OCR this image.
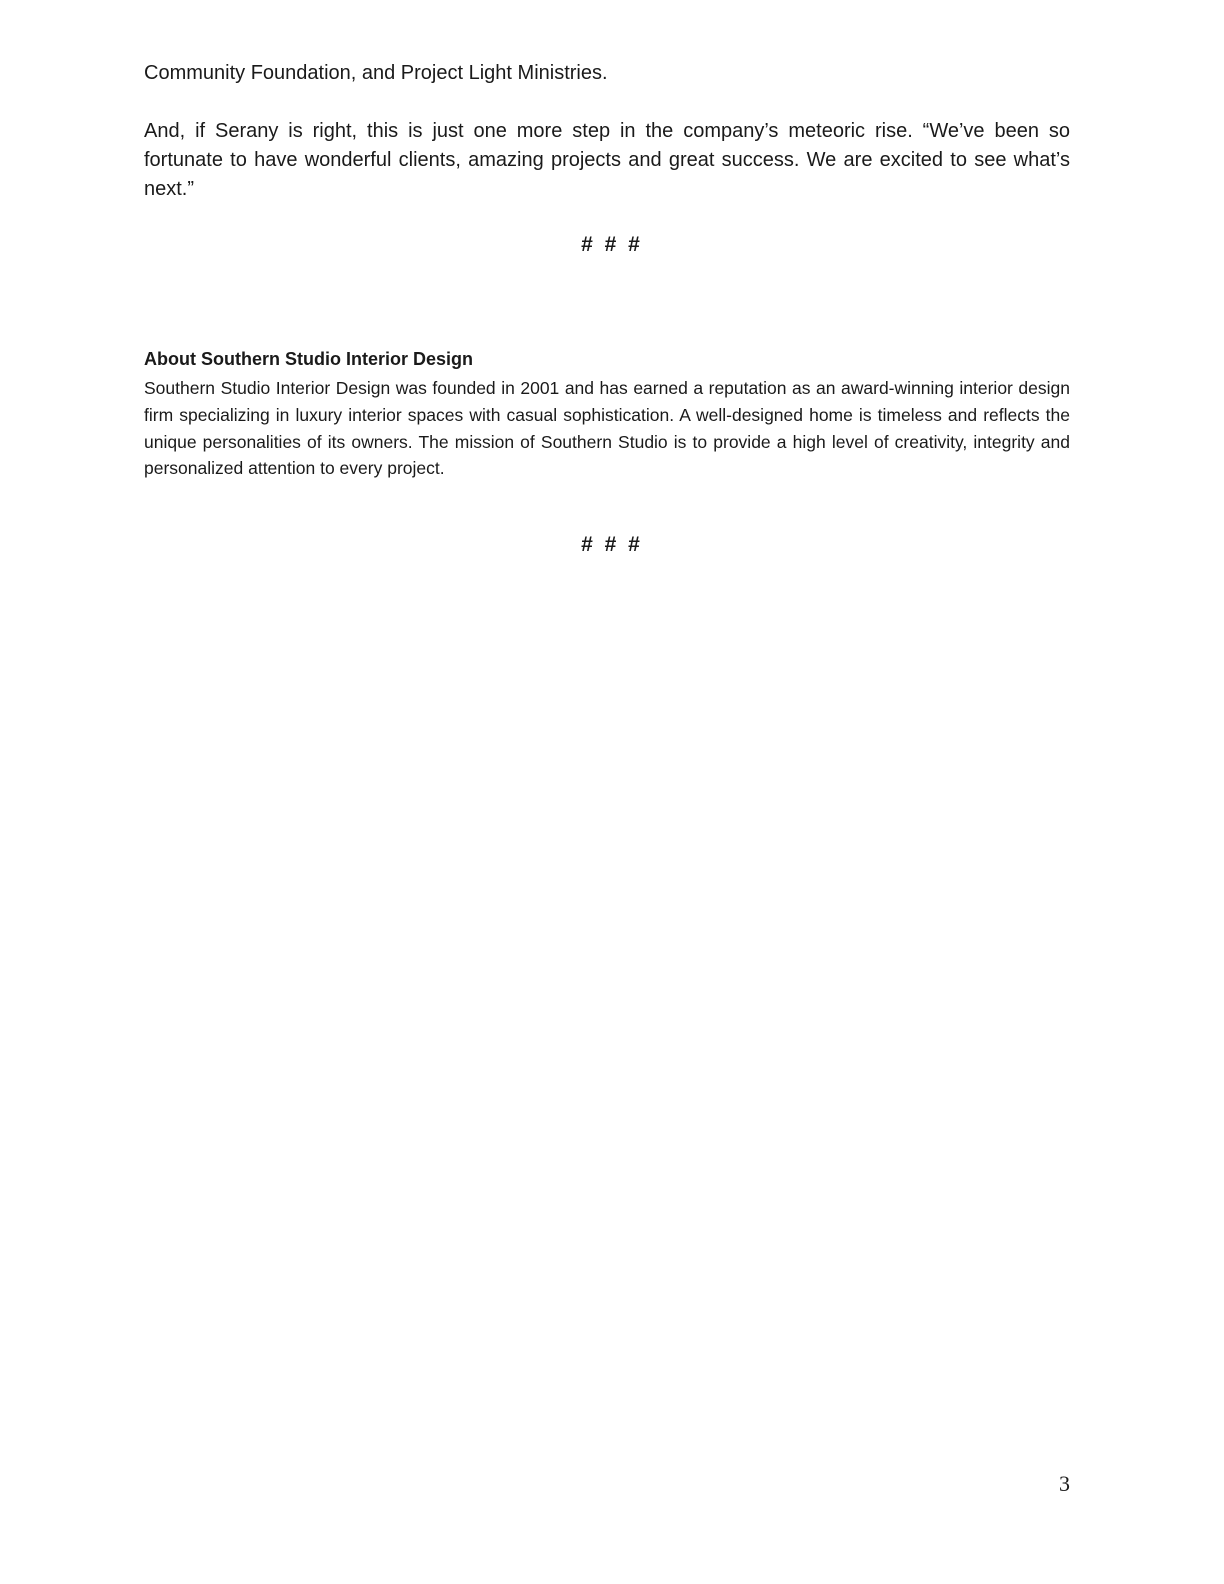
Community Foundation, and Project Light Ministries.

And, if Serany is right, this is just one more step in the company’s meteoric rise. “We’ve been so fortunate to have wonderful clients, amazing projects and great success. We are excited to see what’s next.”

# # #

About Southern Studio Interior Design

Southern Studio Interior Design was founded in 2001 and has earned a reputation as an award-winning interior design firm specializing in luxury interior spaces with casual sophistication. A well-designed home is timeless and reflects the unique personalities of its owners. The mission of Southern Studio is to provide a high level of creativity, integrity and personalized attention to every project.

# # #

3
